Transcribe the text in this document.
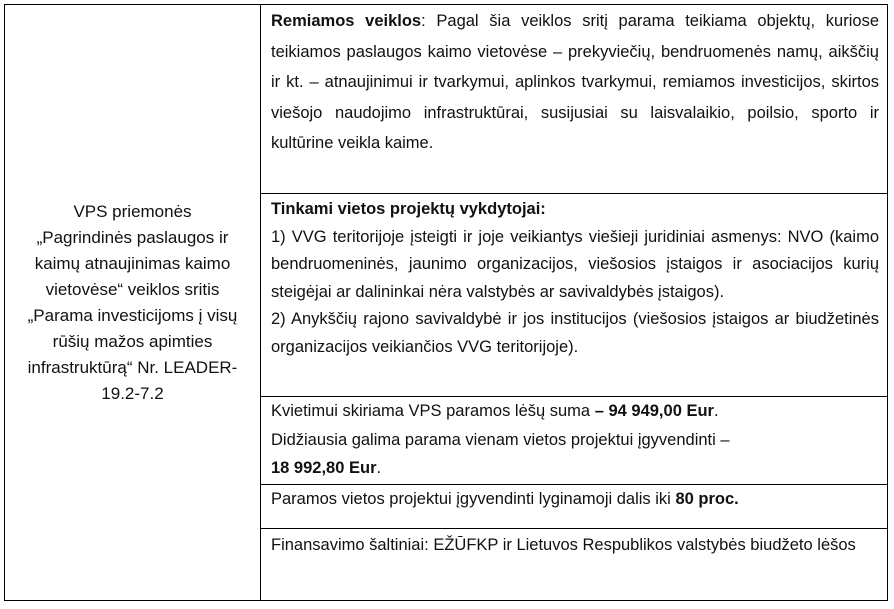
VPS priemonės
„Pagrindinės paslaugos ir
kaimų atnaujinimas kaimo
vietovėse“ veiklos sritis
„Parama investicijoms į visų
rūšių mažos apimties
infrastruktūrą“ Nr. LEADER-
19.2-7.2

Remiamos veiklos: Pagal šia veiklos sritį parama teikiama objektų, kuriose teikiamos paslaugos kaimo vietovėse – prekyviečių, bendruomenės namų, aikščių ir kt. – atnaujinimui ir tvarkymui, aplinkos tvarkymui, remiamos investicijos, skirtos viešojo naudojimo infrastruktūrai, susijusiai su laisvalaikio, poilsio, sporto ir kultūrine veikla kaime.

Tinkami vietos projektų vykdytojai:

1) VVG teritorijoje įsteigti ir joje veikiantys viešieji juridiniai asmenys: NVO (kaimo bendruomeninės, jaunimo organizacijos, viešosios įstaigos ir asociacijos kurių steigėjai ar dalininkai nėra valstybės ar savivaldybės įstaigos).

2) Anykščių rajono savivaldybė ir jos institucijos (viešosios įstaigos ar biudžetinės organizacijos veikiančios VVG teritorijoje).

Kvietimui skiriama VPS paramos lėšų suma – 94 949,00 Eur.

Didžiausia galima parama vienam vietos projektui įgyvendinti –

18 992,80 Eur.

Paramos vietos projektui įgyvendinti lyginamoji dalis iki 80 proc.

Finansavimo šaltiniai: EŽŪFKP ir Lietuvos Respublikos valstybės biudžeto lėšos
